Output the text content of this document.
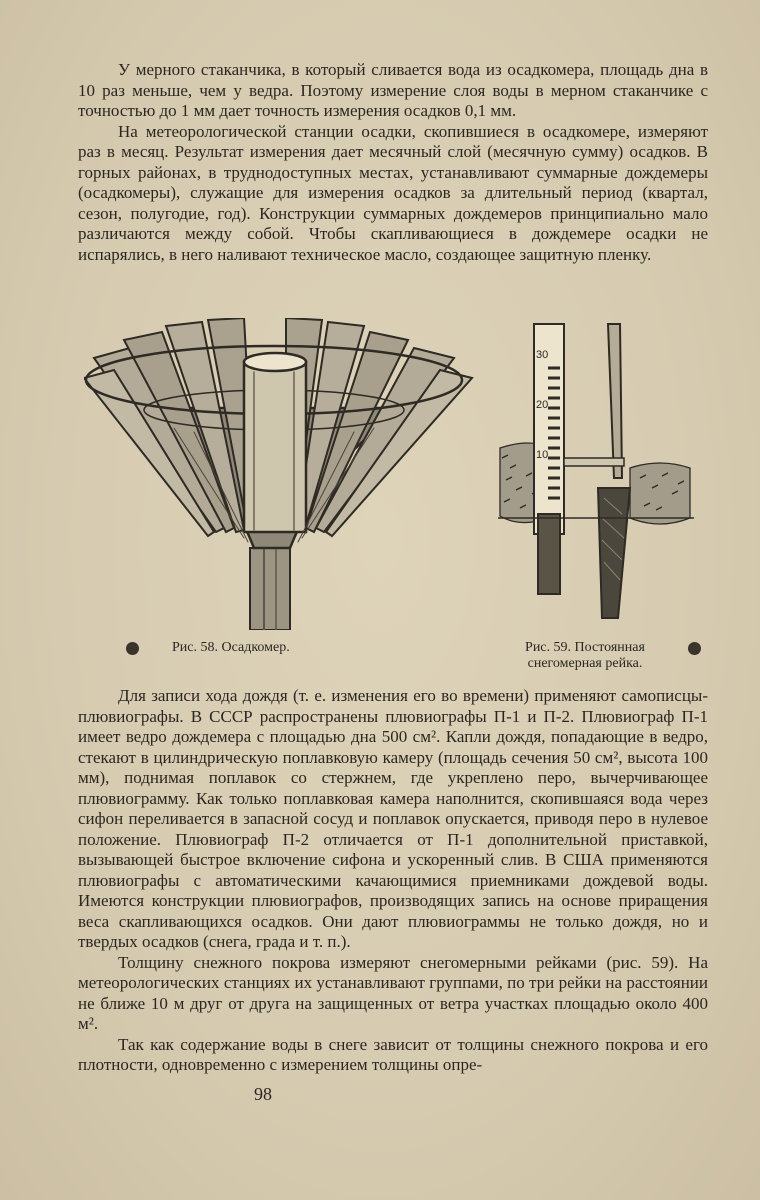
У мерного стаканчика, в который сливается вода из осадкомера, площадь дна в 10 раз меньше, чем у ведра. Поэтому измерение слоя воды в мерном стаканчике с точностью до 1 мм дает точность измерения осадков 0,1 мм.

На метеорологической станции осадки, скопившиеся в осадкомере, измеряют раз в месяц. Результат измерения дает месячный слой (месячную сумму) осадков. В горных районах, в труднодоступных местах, устанавливают суммарные дождемеры (осадкомеры), служащие для измерения осадков за длительный период (квартал, сезон, полугодие, год). Конструкции суммарных дождемеров принципиально мало различаются между собой. Чтобы скапливающиеся в дождемере осадки не испарялись, в него наливают техническое масло, создающее защитную пленку.

30
20
10
Рис. 58. Осадкомер.	Рис. 59. Постоянная
снегомерная рейка.

Для записи хода дождя (т. е. изменения его во времени) применяют самописцы-плювиографы. В СССР распространены плювиографы П-1 и П-2. Плювиограф П-1 имеет ведро дождемера с площадью дна 500 см². Капли дождя, попадающие в ведро, стекают в цилиндрическую поплавковую камеру (площадь сечения 50 см², высота 100 мм), поднимая поплавок со стержнем, где укреплено перо, вычерчивающее плювиограмму. Как только поплавковая камера наполнится, скопившаяся вода через сифон переливается в запасной сосуд и поплавок опускается, приводя перо в нулевое положение. Плювиограф П-2 отличается от П-1 дополнительной приставкой, вызывающей быстрое включение сифона и ускоренный слив. В США применяются плювиографы с автоматическими качающимися приемниками дождевой воды. Имеются конструкции плювиографов, производящих запись на основе приращения веса скапливающихся осадков. Они дают плювиограммы не только дождя, но и твердых осадков (снега, града и т. п.).

Толщину снежного покрова измеряют снегомерными рейками (рис. 59). На метеорологических станциях их устанавливают группами, по три рейки на расстоянии не ближе 10 м друг от друга на защищенных от ветра участках площадью около 400 м².

Так как содержание воды в снеге зависит от толщины снежного покрова и его плотности, одновременно с измерением толщины опре-

98
